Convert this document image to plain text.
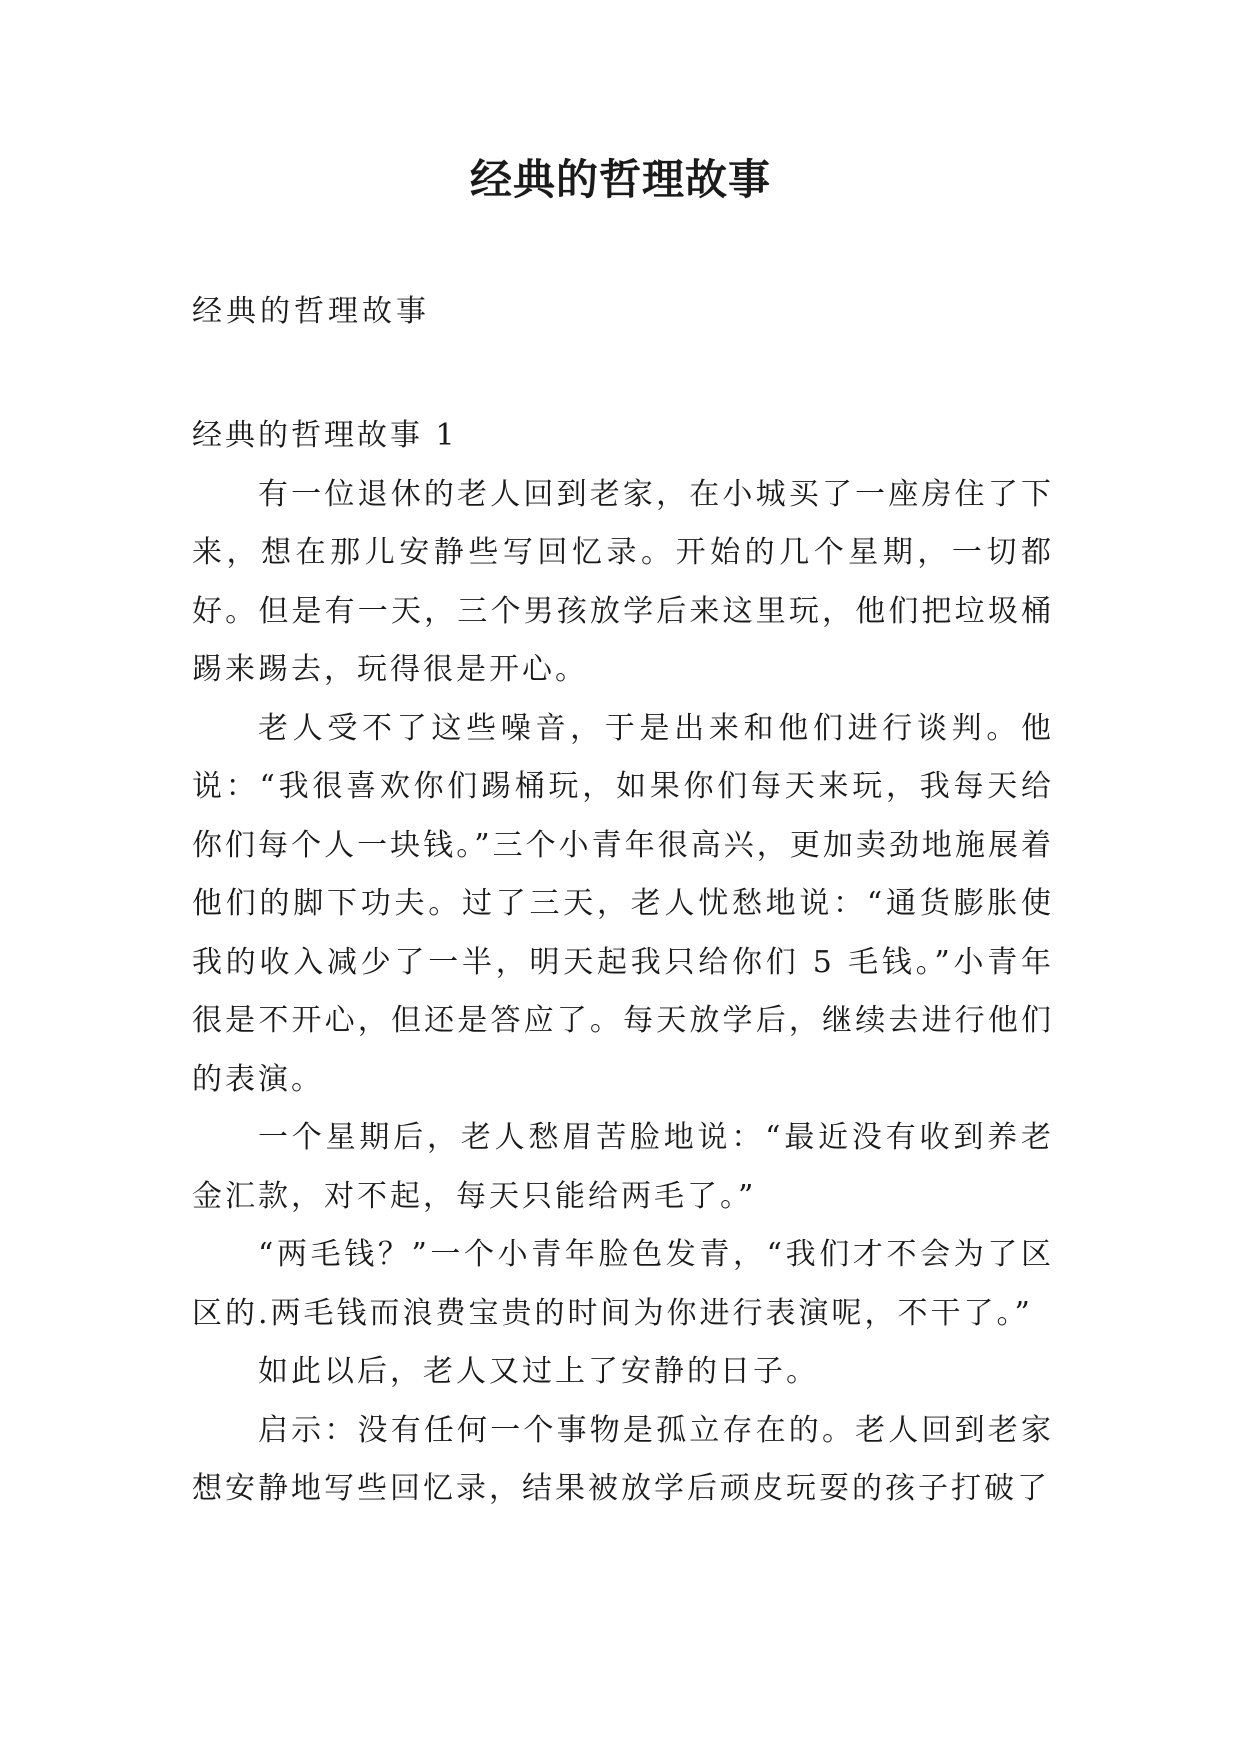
经典的哲理故事

经典的哲理故事

经典的哲理故事 1

有一位退休的老人回到老家，在小城买了一座房住了下来，想在那儿安静些写回忆录。开始的几个星期，一切都好。但是有一天，三个男孩放学后来这里玩，他们把垃圾桶踢来踢去，玩得很是开心。

老人受不了这些噪音，于是出来和他们进行谈判。他说：“我很喜欢你们踢桶玩，如果你们每天来玩，我每天给你们每个人一块钱。”三个小青年很高兴，更加卖劲地施展着他们的脚下功夫。过了三天，老人忧愁地说：“通货膨胀使我的收入减少了一半，明天起我只给你们 5 毛钱。”小青年很是不开心，但还是答应了。每天放学后，继续去进行他们的表演。

一个星期后，老人愁眉苦脸地说：“最近没有收到养老金汇款，对不起，每天只能给两毛了。”

“两毛钱？”一个小青年脸色发青，“我们才不会为了区区的.两毛钱而浪费宝贵的时间为你进行表演呢，不干了。”

如此以后，老人又过上了安静的日子。

启示：没有任何一个事物是孤立存在的。老人回到老家想安静地写些回忆录，结果被放学后顽皮玩耍的孩子打破了
